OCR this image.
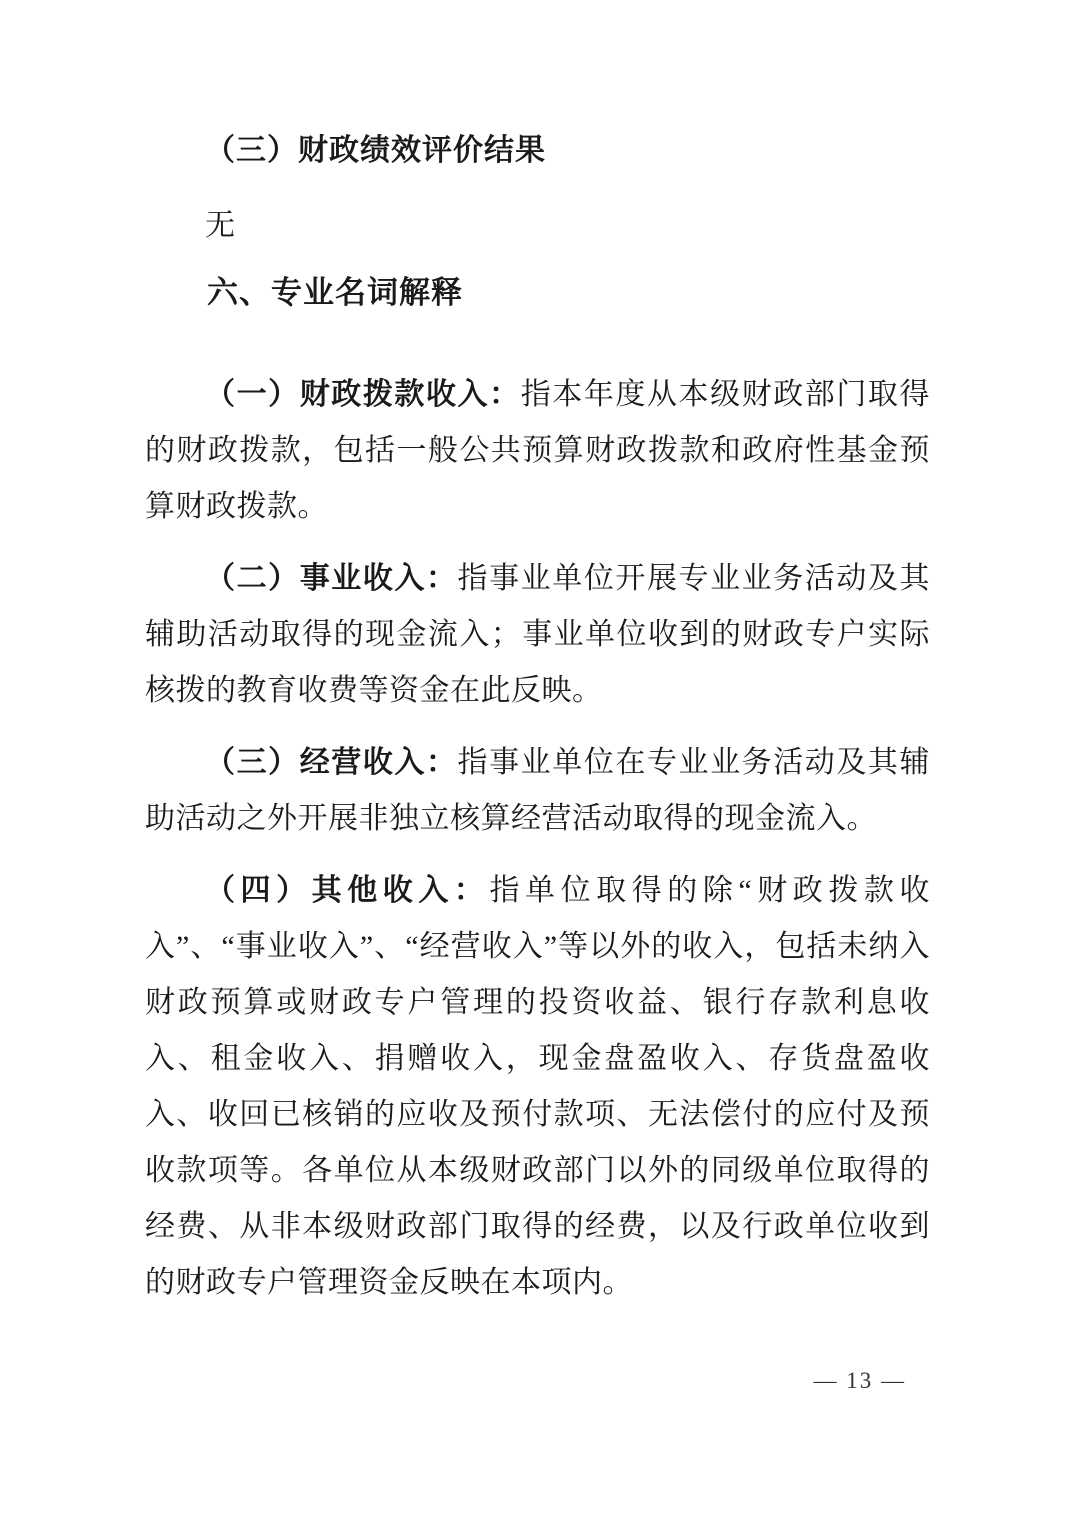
（三）财政绩效评价结果
无
六、专业名词解释

（一）财政拨款收入：指本年度从本级财政部门取得的财政拨款，包括一般公共预算财政拨款和政府性基金预算财政拨款。

（二）事业收入：指事业单位开展专业业务活动及其辅助活动取得的现金流入；事业单位收到的财政专户实际核拨的教育收费等资金在此反映。

（三）经营收入：指事业单位在专业业务活动及其辅助活动之外开展非独立核算经营活动取得的现金流入。

（四）其他收入：指单位取得的除“财政拨款收入”、“事业收入”、“经营收入”等以外的收入，包括未纳入财政预算或财政专户管理的投资收益、银行存款利息收入、租金收入、捐赠收入，现金盘盈收入、存货盘盈收入、收回已核销的应收及预付款项、无法偿付的应付及预收款项等。各单位从本级财政部门以外的同级单位取得的经费、从非本级财政部门取得的经费，以及行政单位收到的财政专户管理资金反映在本项内。

— 13 —
